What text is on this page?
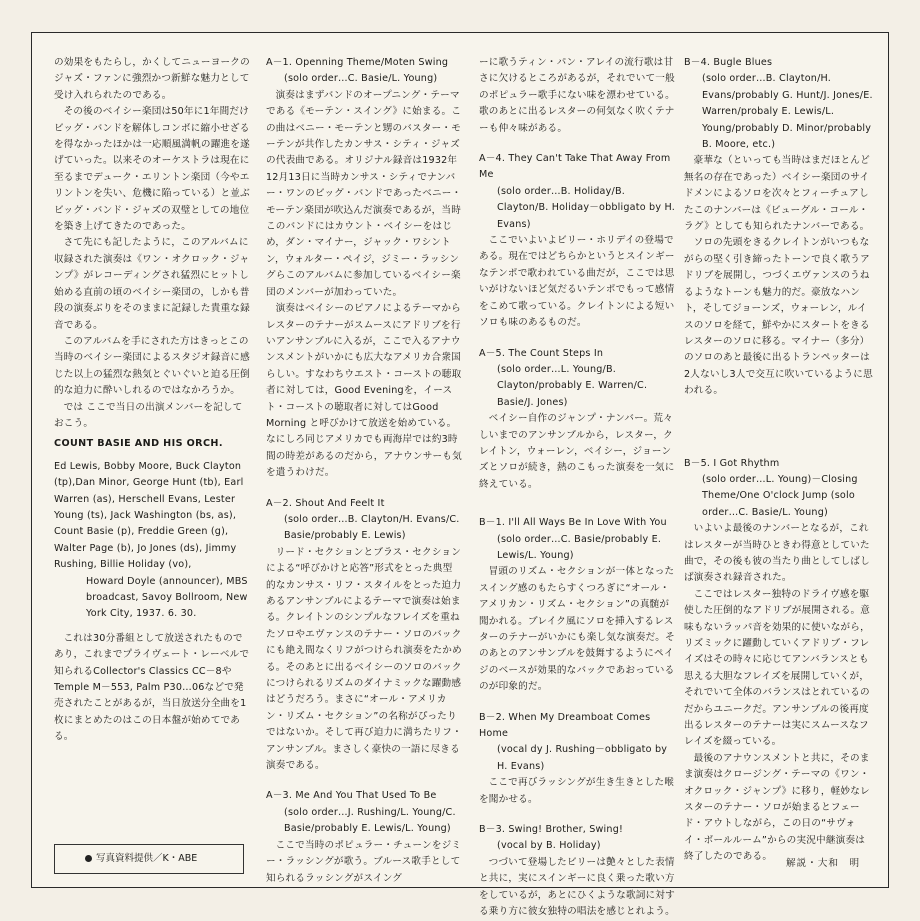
の効果をもたらし，かくしてニューヨークのジャズ・ファンに強烈かつ新鮮な魅力として受け入れられたのである。

その後のベイシー楽団は50年に1年間だけビッグ・バンドを解体しコンボに縮小せざるを得なかったほかは一応順風満帆の躍進を遂げていった。以来そのオーケストラは現在に至るまでデューク・エリントン楽団（今やエリントンを失い、危機に陥っている）と並ぶビッグ・バンド・ジャズの双璧としての地位を築き上げてきたのであった。

さて先にも記したように，このアルバムに収録された演奏は《ワン・オクロック・ジャンプ》がレコーディングされ猛烈にヒットし始める直前の頃のベイシー楽団の，しかも普段の演奏ぶりをそのままに記録した貴重な録音である。

このアルバムを手にされた方はきっとこの当時のベイシー楽団によるスタジオ録音に感じた以上の猛烈な熱気とぐいぐいと迫る圧倒的な迫力に酔いしれるのではなかろうか。

では ここで当日の出演メンバーを記しておこう。

COUNT BASIE AND HIS ORCH.

Ed Lewis, Bobby Moore, Buck Clayton (tp),Dan Minor, George Hunt (tb), Earl Warren (as), Herschell Evans, Lester Young (ts), Jack Washington (bs, as), Count Basie (p), Freddie Green (g), Walter Page (b), Jo Jones (ds), Jimmy Rushing, Billie Holiday (vo),

Howard Doyle (announcer), MBS broadcast, Savoy Bollroom, New York City, 1937. 6. 30.

これは30分番組として放送されたものであり，これまでプライヴェート・レーベルで知られるCollector's Classics CC－8やTemple M－553, Palm P30…06などで発売されたことがあるが，当日放送分全曲を1枚にまとめたのはこの日本盤が始めてである。

A－1. Openning Theme/Moten Swing

(solo order…C. Basie/L. Young)

演奏はまずバンドのオープニング・テーマである《モーテン・スイング》に始まる。この曲はベニー・モーテンと甥のバスター・モーテンが共作したカンサス・シティ・ジャズの代表曲である。オリジナル録音は1932年12月13日に当時カンサス・シティでナンバー・ワンのビッグ・バンドであったベニー・モーテン楽団が吹込んだ演奏であるが，当時このバンドにはカウント・ベイシーをはじめ，ダン・マイナー，ジャック・ワシントン，ウォルター・ペイジ，ジミー・ラッシングらこのアルバムに参加しているベイシー楽団のメンバーが加わっていた。

演奏はベイシーのピアノによるテーマからレスターのテナーがスムースにアドリブを行いアンサンブルに入るが，ここで入るアナウンスメントがいかにも広大なアメリカ合衆国らしい。すなわちウエスト・コーストの聴取者に対しては，Good Eveningを，イースト・コーストの聴取者に対してはGood Morning と呼びかけて放送を始めている。なにしろ同じアメリカでも両海岸では約3時間の時差があるのだから，アナウンサーも気を遣うわけだ。

A－2. Shout And Feelt It

(solo order…B. Clayton/H. Evans/C. Basie/probably E. Lewis)

リード・セクションとブラス・セクションによる“呼びかけと応答”形式をとった典型的なカンサス・リフ・スタイルをとった迫力あるアンサンブルによるテーマで演奏は始まる。クレイトンのシンプルなフレイズを重ねたソロやエヴァンスのテナー・ソロのバックにも絶え間なくリフがつけられ演奏をたかめる。そのあとに出るベイシーのソロのバックにつけられるリズムのダイナミックな躍動感はどうだろう。まさに“オール・アメリカン・リズム・セクション”の名称がぴったりではないか。そして再び迫力に満ちたリフ・アンサンブル。まさしく豪快の一語に尽きる演奏である。

A－3. Me And You That Used To Be

(solo order…J. Rushing/L. Young/C. Basie/probably E. Lewis/L. Young)

ここで当時のポピュラー・チューンをジミー・ラッシングが歌う。ブルース歌手として知られるラッシングがスイング

ーに歌うティン・パン・アレイの流行歌は甘さに欠けるところがあるが，それでいて一般のポピュラー歌手にない味を漂わせている。歌のあとに出るレスターの何気なく吹くテナーも仲々味がある。

A－4. They Can't Take That Away From Me

(solo order…B. Holiday/B. Clayton/B. Holiday－obbligato by H. Evans)

ここでいよいよビリー・ホリデイの登場である。現在ではどちらかというとスインギーなテンポで歌われている曲だが，ここでは思いがけないほど気だるいテンポでもって感情をこめて歌っている。クレイトンによる短いソロも味のあるものだ。

A－5. The Count Steps In

(solo order…L. Young/B. Clayton/probably E. Warren/C. Basie/J. Jones)

ベイシー自作のジャンプ・ナンバー。荒々しいまでのアンサンブルから，レスター，クレイトン，ウォーレン，ベイシー，ジョーンズとソロが続き，熱のこもった演奏を一気に終えている。

B－1. I'll All Ways Be In Love With You

(solo order…C. Basie/probably E. Lewis/L. Young)

冒頭のリズム・セクションが一体となったスイング感のもたらすくつろぎに“オール・アメリカン・リズム・セクション”の真髄が聞かれる。ブレイク風にソロを挿入するレスターのテナーがいかにも楽し気な演奏だ。そのあとのアンサンブルを鼓舞するようにペイジのベースが効果的なバックであおっているのが印象的だ。

B－2. When My Dreamboat Comes Home

(vocal dy J. Rushing－obbligato by H. Evans)

ここで再びラッシングが生き生きとした喉を聞かせる。

B－3. Swing! Brother, Swing!

(vocal by B. Holiday)

つづいて登場したビリーは艶々とした表情と共に，実にスインギーに良く乗った歌い方をしているが，あとにひくような歌詞に対する乗り方に彼女独特の唱法を感じとれよう。

B－4. Bugle Blues

(solo order…B. Clayton/H. Evans/probably G. Hunt/J. Jones/E. Warren/probaly E. Lewis/L. Young/probably D. Minor/probably B. Moore, etc.)

豪華な（といっても当時はまだほとんど無名の存在であった）ベイシー楽団のサイドメンによるソロを次々とフィーチュアしたこのナンバーは《ビューグル・コール・ラグ》としても知られたナンバーである。

ソロの先頭をきるクレイトンがいつもながらの堅く引き締ったトーンで良く歌うアドリブを展開し，つづくエヴァンスのうねるようなトーンも魅力的だ。豪放なハント，そしてジョーンズ，ウォーレン，ルイスのソロを経て，鮮やかにスタートをきるレスターのソロに移る。マイナー（多分）のソロのあと最後に出るトランペッターは2人ないし3人で交互に吹いているように思われる。

B－5. I Got Rhythm

(solo order…L. Young)－Closing Theme/One O'clock Jump (solo order…C. Basie/L. Young)

いよいよ最後のナンバーとなるが，これはレスターが当時ひときわ得意としていた曲で，その後も彼の当たり曲としてしばしば演奏され録音された。

ここではレスター独特のドライヴ感を駆使した圧倒的なアドリブが展開される。意味もないラッパ音を効果的に使いながら，リズミックに躍動していくアドリブ・フレイズはその時々に応じてアンバランスとも思える大胆なフレイズを展開していくが，それでいて全体のバランスはとれているのだからユニークだ。アンサンブルの後再度出るレスターのテナーは実にスムースなフレイズを綴っている。

最後のアナウンスメントと共に，そのまま演奏はクロージング・テーマの《ワン・オクロック・ジャンプ》に移り，軽妙なレスターのテナー・ソロが始まるとフェード・アウトしながら，この日の“サヴォイ・ボールルーム”からの実況中継演奏は終了したのである。

写真資料提供／K・ABE	解説・大和　明
